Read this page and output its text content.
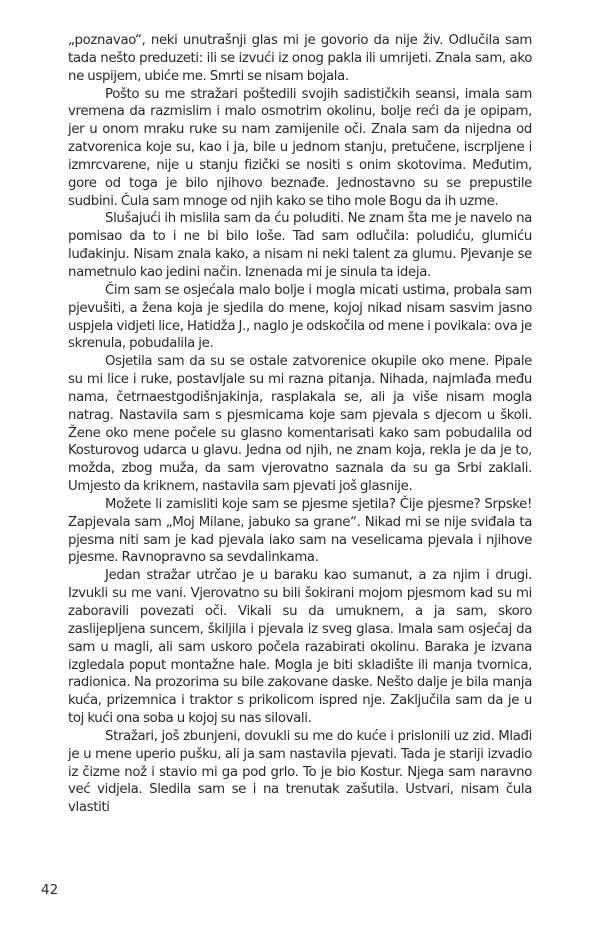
„poznavao“, neki unutrašnji glas mi je govorio da nije živ. Odlučila sam tada nešto preduzeti: ili se izvući iz onog pakla ili umrijeti. Znala sam, ako ne uspijem, ubiće me. Smrti se nisam bojala.

Pošto su me stražari poštedili svojih sadističkih seansi, imala sam vremena da razmislim i malo osmotrim okolinu, bolje reći da je opipam, jer u onom mraku ruke su nam zamijenile oči. Znala sam da nijedna od zatvorenica koje su, kao i ja, bile u jednom stanju, pretučene, iscrpljene i izmrcvarene, nije u stanju fizički se nositi s onim skotovima. Međutim, gore od toga je bilo njihovo beznađe. Jednostavno su se prepustile sudbini. Čula sam mnoge od njih kako se tiho mole Bogu da ih uzme.

Slušajući ih mislila sam da ću poluditi. Ne znam šta me je navelo na pomisao da to i ne bi bilo loše. Tad sam odlučila: poludiću, glumiću luđakinju. Nisam znala kako, a nisam ni neki talent za glumu. Pjevanje se nametnulo kao jedini način. Iznenada mi je sinula ta ideja.

Čim sam se osjećala malo bolje i mogla micati ustima, probala sam pjevušiti, a žena koja je sjedila do mene, kojoj nikad nisam sasvim jasno uspjela vidjeti lice, Hatidža J., naglo je odskočila od mene i povikala: ova je skrenula, pobudalila je.

Osjetila sam da su se ostale zatvorenice okupile oko mene. Pipale su mi lice i ruke, postavljale su mi razna pitanja. Nihada, najmlađa među nama, četrnaestgodišnjakinja, rasplakala se, ali ja više nisam mogla natrag. Nastavila sam s pjesmicama koje sam pjevala s djecom u školi. Žene oko mene počele su glasno komentarisati kako sam pobudalila od Kosturovog udarca u glavu. Jedna od njih, ne znam koja, rekla je da je to, možda, zbog muža, da sam vjerovatno saznala da su ga Srbi zaklali. Umjesto da kriknem, nastavila sam pjevati još glasnije.

Možete li zamisliti koje sam se pjesme sjetila? Čije pjesme? Srpske! Zapjevala sam „Moj Milane, jabuko sa grane“. Nikad mi se nije sviđala ta pjesma niti sam je kad pjevala iako sam na veselicama pjevala i njihove pjesme. Ravnopravno sa sevdalinkama.

Jedan stražar utrčao je u baraku kao sumanut, a za njim i drugi. Izvukli su me vani. Vjerovatno su bili šokirani mojom pjesmom kad su mi zaboravili povezati oči. Vikali su da umuknem, a ja sam, skoro zaslijepljena suncem, škiljila i pjevala iz sveg glasa. Imala sam osjećaj da sam u magli, ali sam uskoro počela razabirati okolinu. Baraka je izvana izgledala poput montažne hale. Mogla je biti skladište ili manja tvornica, radionica. Na prozorima su bile zakovane daske. Nešto dalje je bila manja kuća, prizemnica i traktor s prikolicom ispred nje. Zaključila sam da je u toj kući ona soba u kojoj su nas silovali.

Stražari, još zbunjeni, dovukli su me do kuće i prislonili uz zid. Mlađi je u mene uperio pušku, ali ja sam nastavila pjevati. Tada je stariji izvadio iz čizme nož i stavio mi ga pod grlo. To je bio Kostur. Njega sam naravno već vidjela. Sledila sam se i na trenutak zašutila. Ustvari, nisam čula vlastiti

42
